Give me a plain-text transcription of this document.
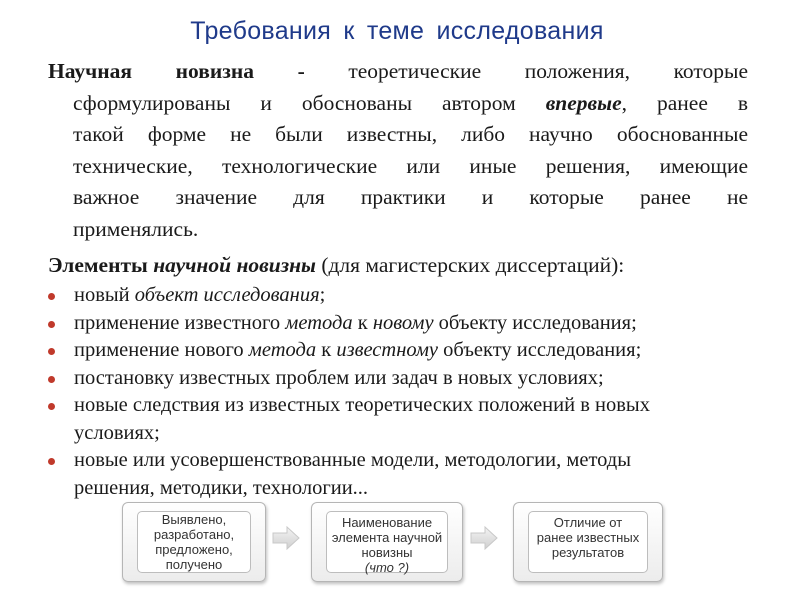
Требования к теме исследования
Научная новизна - теоретические положения, которые
сформулированы и обоснованы автором впервые, ранее в
такой форме не были известны, либо научно обоснованные
технические, технологические или иные решения, имеющие
важное значение для практики и которые ранее не
применялись.
Элементы научной новизны (для магистерских диссертаций):
новый объект исследования;
применение известного метода к новому объекту исследования;
применение нового метода к известному объекту исследования;
постановку известных проблем или задач в новых условиях;
новые следствия из известных теоретических положений в новых
условиях;
новые или усовершенствованные модели, методологии, методы
решения, методики, технологии...
Выявлено,
разработано,
предложено,
получено
Наименование
элемента научной
новизны
(что ?)
Отличие от
ранее известных
результатов
